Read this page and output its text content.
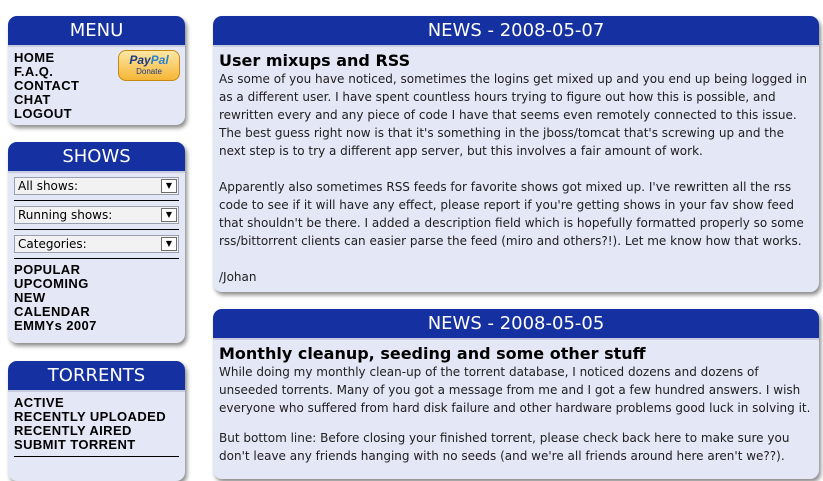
MENU
HOME
F.A.Q.
CONTACT
CHAT
LOGOUT
PayPal
Donate
SHOWS
All shows:	▼
Running shows:	▼
Categories:	▼
POPULAR
UPCOMING
NEW
CALENDAR
EMMYs 2007
TORRENTS
ACTIVE
RECENTLY UPLOADED
RECENTLY AIRED
SUBMIT TORRENT
NEWS - 2008-05-07
User mixups and RSS

As some of you have noticed, sometimes the logins get mixed up and you end up being logged in as a different user. I have spent countless hours trying to figure out how this is possible, and rewritten every and any piece of code I have that seems even remotely connected to this issue. The best guess right now is that it's something in the jboss/tomcat that's screwing up and the next step is to try a different app server, but this involves a fair amount of work.

Apparently also sometimes RSS feeds for favorite shows got mixed up. I've rewritten all the rss code to see if it will have any effect, please report if you're getting shows in your fav show feed that shouldn't be there. I added a description field which is hopefully formatted properly so some rss/bittorrent clients can easier parse the feed (miro and others?!). Let me know how that works.

/Johan

NEWS - 2008-05-05
Monthly cleanup, seeding and some other stuff

While doing my monthly clean-up of the torrent database, I noticed dozens and dozens of unseeded torrents. Many of you got a message from me and I got a few hundred answers. I wish everyone who suffered from hard disk failure and other hardware problems good luck in solving it.

But bottom line: Before closing your finished torrent, please check back here to make sure you don't leave any friends hanging with no seeds (and we're all friends around here aren't we??).
